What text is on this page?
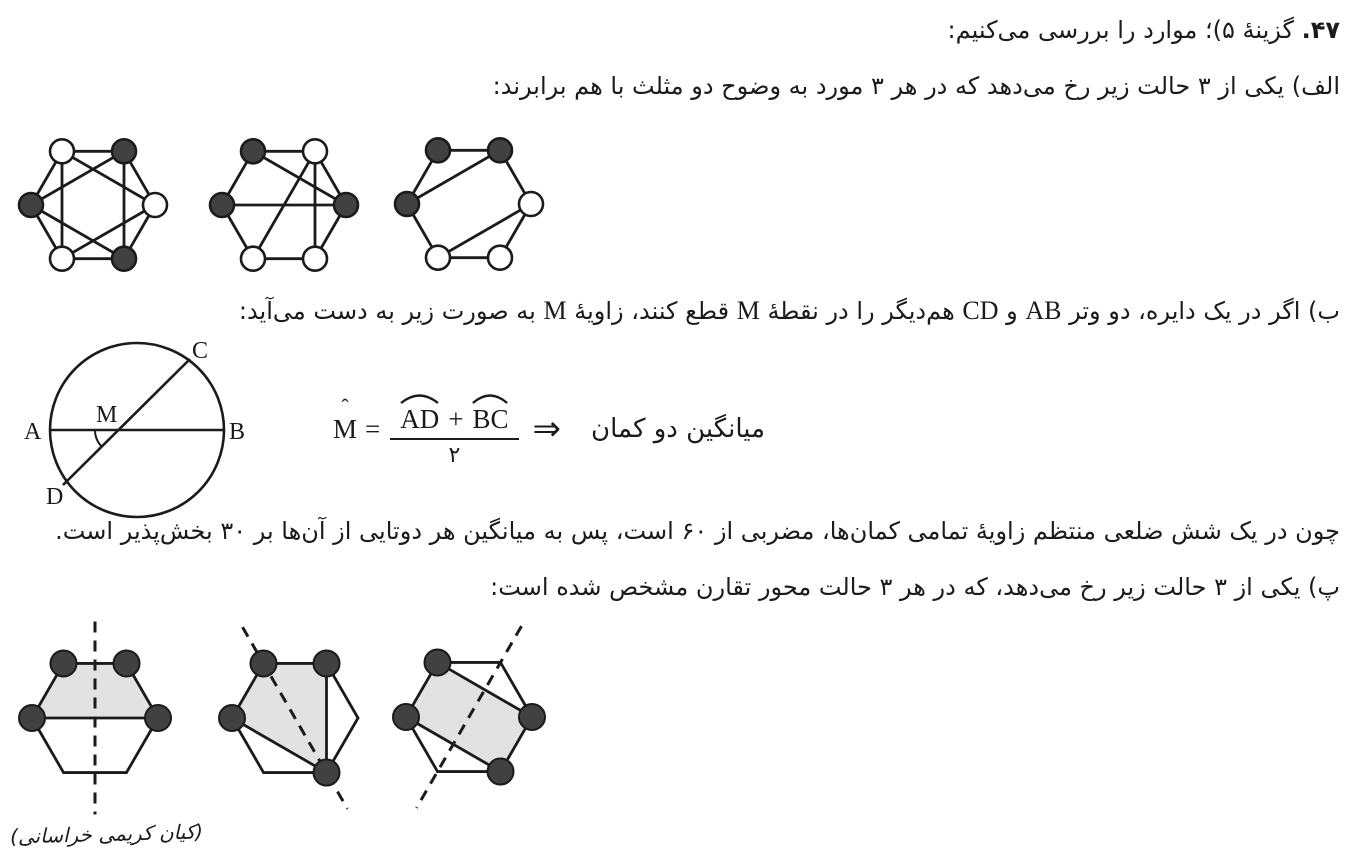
۴۷. گزینۀ ۵)؛ موارد را بررسی می‌کنیم:
الف) یکی از ۳ حالت زیر رخ می‌دهد که در هر ۳ مورد به وضوح دو مثلث با هم برابرند:
ب) اگر در یک دایره، دو وتر AB و CD هم‌دیگر را در نقطۀ M قطع کنند، زاویۀ M به صورت زیر به دست می‌آید:
A	B
C
D
M	ˆ
$M = \frac{AD + BC}{۲}$ ⇒ میانگین دو کمان
چون در یک شش ضلعی منتظم زاویۀ تمامی کمان‌ها، مضربی از ۶۰ است، پس به میانگین هر دوتایی از آن‌ها بر ۳۰ بخش‌پذیر است.
پ) یکی از ۳ حالت زیر رخ می‌دهد، که در هر ۳ حالت محور تقارن مشخص شده است:
(کیان کریمی خراسانی)
